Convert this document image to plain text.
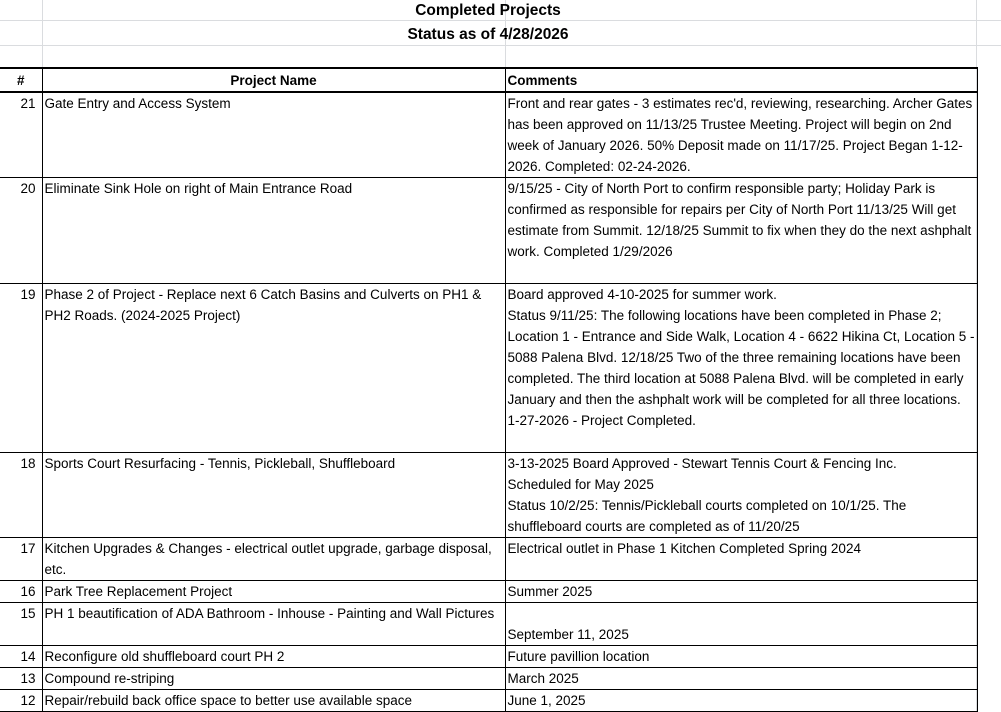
Completed Projects
Status as of 4/28/2026
#	Project Name	Comments
21	Gate Entry and Access System	Front and rear gates - 3 estimates rec'd, reviewing, researching. Archer Gates has been approved on 11/13/25 Trustee Meeting. Project will begin on 2nd week of January 2026. 50% Deposit made on 11/17/25. Project Began 1-12-2026. Completed: 02-24-2026.
20	Eliminate Sink Hole on right of Main Entrance Road	9/15/25 - City of North Port to confirm responsible party; Holiday Park is confirmed as responsible for repairs per City of North Port 11/13/25 Will get estimate from Summit. 12/18/25 Summit to fix when they do the next ashphalt work. Completed 1/29/2026
19	Phase 2 of Project - Replace next 6 Catch Basins and Culverts on PH1 & PH2 Roads. (2024-2025 Project)	Board approved 4-10-2025 for summer work.
Status 9/11/25: The following locations have been completed in Phase 2; Location 1 - Entrance and Side Walk, Location 4 - 6622 Hikina Ct, Location 5 - 5088 Palena Blvd. 12/18/25 Two of the three remaining locations have been completed. The third location at 5088 Palena Blvd. will be completed in early January and then the ashphalt work will be completed for all three locations. 1-27-2026 - Project Completed.

18	Sports Court Resurfacing - Tennis, Pickleball, Shuffleboard	3-13-2025 Board Approved - Stewart Tennis Court & Fencing Inc.
Scheduled for May 2025
Status 10/2/25: Tennis/Pickleball courts completed on 10/1/25. The shuffleboard courts are completed as of 11/20/25

17	Kitchen Upgrades & Changes - electrical outlet upgrade, garbage disposal, etc.	Electrical outlet in Phase 1 Kitchen Completed Spring 2024
16	Park Tree Replacement Project	Summer 2025
15	PH 1 beautification of ADA Bathroom - Inhouse - Painting and Wall Pictures	September 11, 2025
14	Reconfigure old shuffleboard court PH 2	Future pavillion location
13	Compound re-striping	March 2025
12	Repair/rebuild back office space to better use available space	June 1, 2025
